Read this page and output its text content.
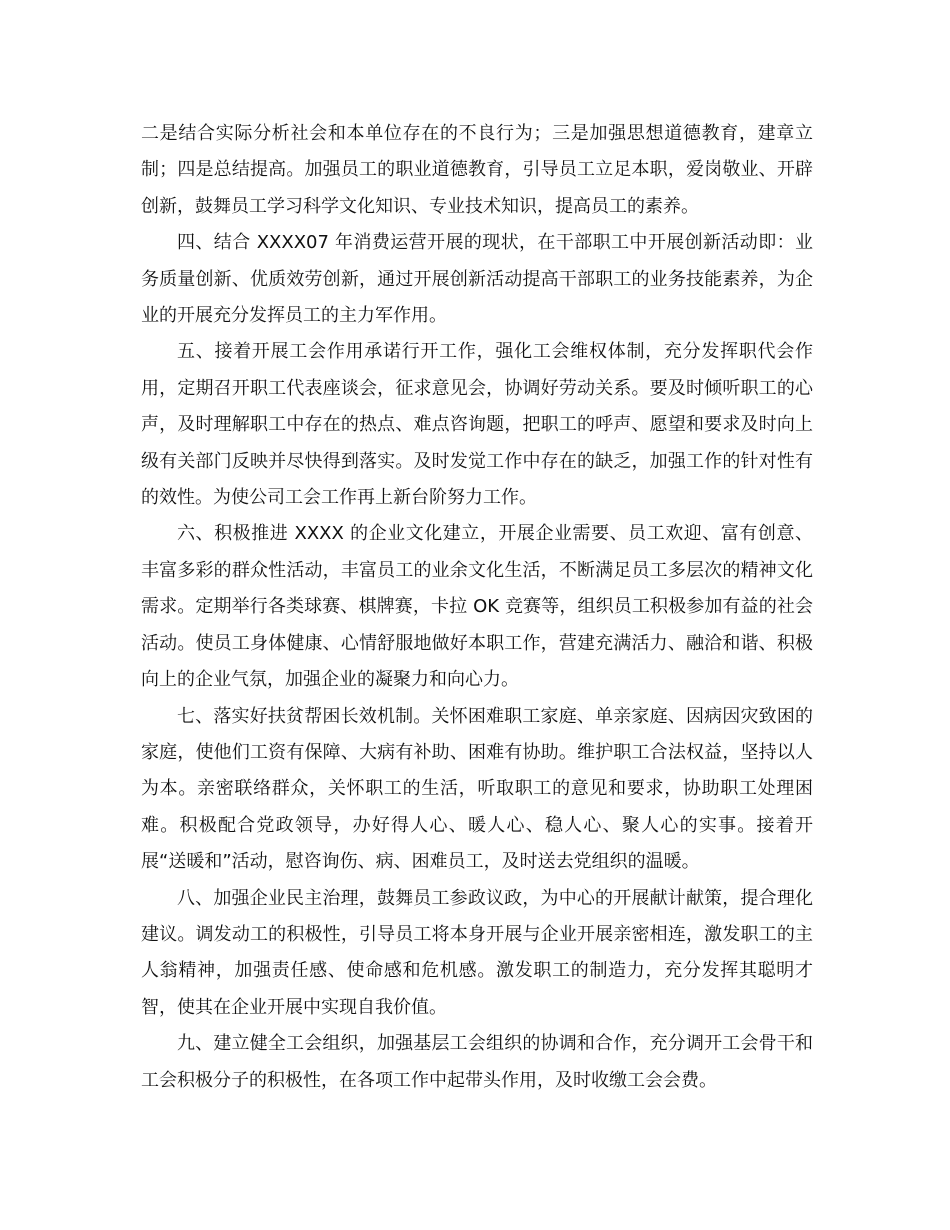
二是结合实际分析社会和本单位存在的不良行为；三是加强思想道德教育，建章立制；四是总结提高。加强员工的职业道德教育，引导员工立足本职，爱岗敬业、开辟创新，鼓舞员工学习科学文化知识、专业技术知识，提高员工的素养。

四、结合 XXXX07 年消费运营开展的现状，在干部职工中开展创新活动即：业务质量创新、优质效劳创新，通过开展创新活动提高干部职工的业务技能素养，为企业的开展充分发挥员工的主力军作用。

五、接着开展工会作用承诺行开工作，强化工会维权体制，充分发挥职代会作用，定期召开职工代表座谈会，征求意见会，协调好劳动关系。要及时倾听职工的心声，及时理解职工中存在的热点、难点咨询题，把职工的呼声、愿望和要求及时向上级有关部门反映并尽快得到落实。及时发觉工作中存在的缺乏，加强工作的针对性有的效性。为使公司工会工作再上新台阶努力工作。

六、积极推进 XXXX 的企业文化建立，开展企业需要、员工欢迎、富有创意、丰富多彩的群众性活动，丰富员工的业余文化生活，不断满足员工多层次的精神文化需求。定期举行各类球赛、棋牌赛，卡拉 OK 竞赛等，组织员工积极参加有益的社会活动。使员工身体健康、心情舒服地做好本职工作，营建充满活力、融洽和谐、积极向上的企业气氛，加强企业的凝聚力和向心力。

七、落实好扶贫帮困长效机制。关怀困难职工家庭、单亲家庭、因病因灾致困的家庭，使他们工资有保障、大病有补助、困难有协助。维护职工合法权益，坚持以人为本。亲密联络群众，关怀职工的生活，听取职工的意见和要求，协助职工处理困难。积极配合党政领导，办好得人心、暖人心、稳人心、聚人心的实事。接着开展“送暖和”活动，慰咨询伤、病、困难员工，及时送去党组织的温暖。

八、加强企业民主治理，鼓舞员工参政议政，为中心的开展献计献策，提合理化建议。调发动工的积极性，引导员工将本身开展与企业开展亲密相连，激发职工的主人翁精神，加强责任感、使命感和危机感。激发职工的制造力，充分发挥其聪明才智，使其在企业开展中实现自我价值。

九、建立健全工会组织，加强基层工会组织的协调和合作，充分调开工会骨干和工会积极分子的积极性，在各项工作中起带头作用，及时收缴工会会费。
